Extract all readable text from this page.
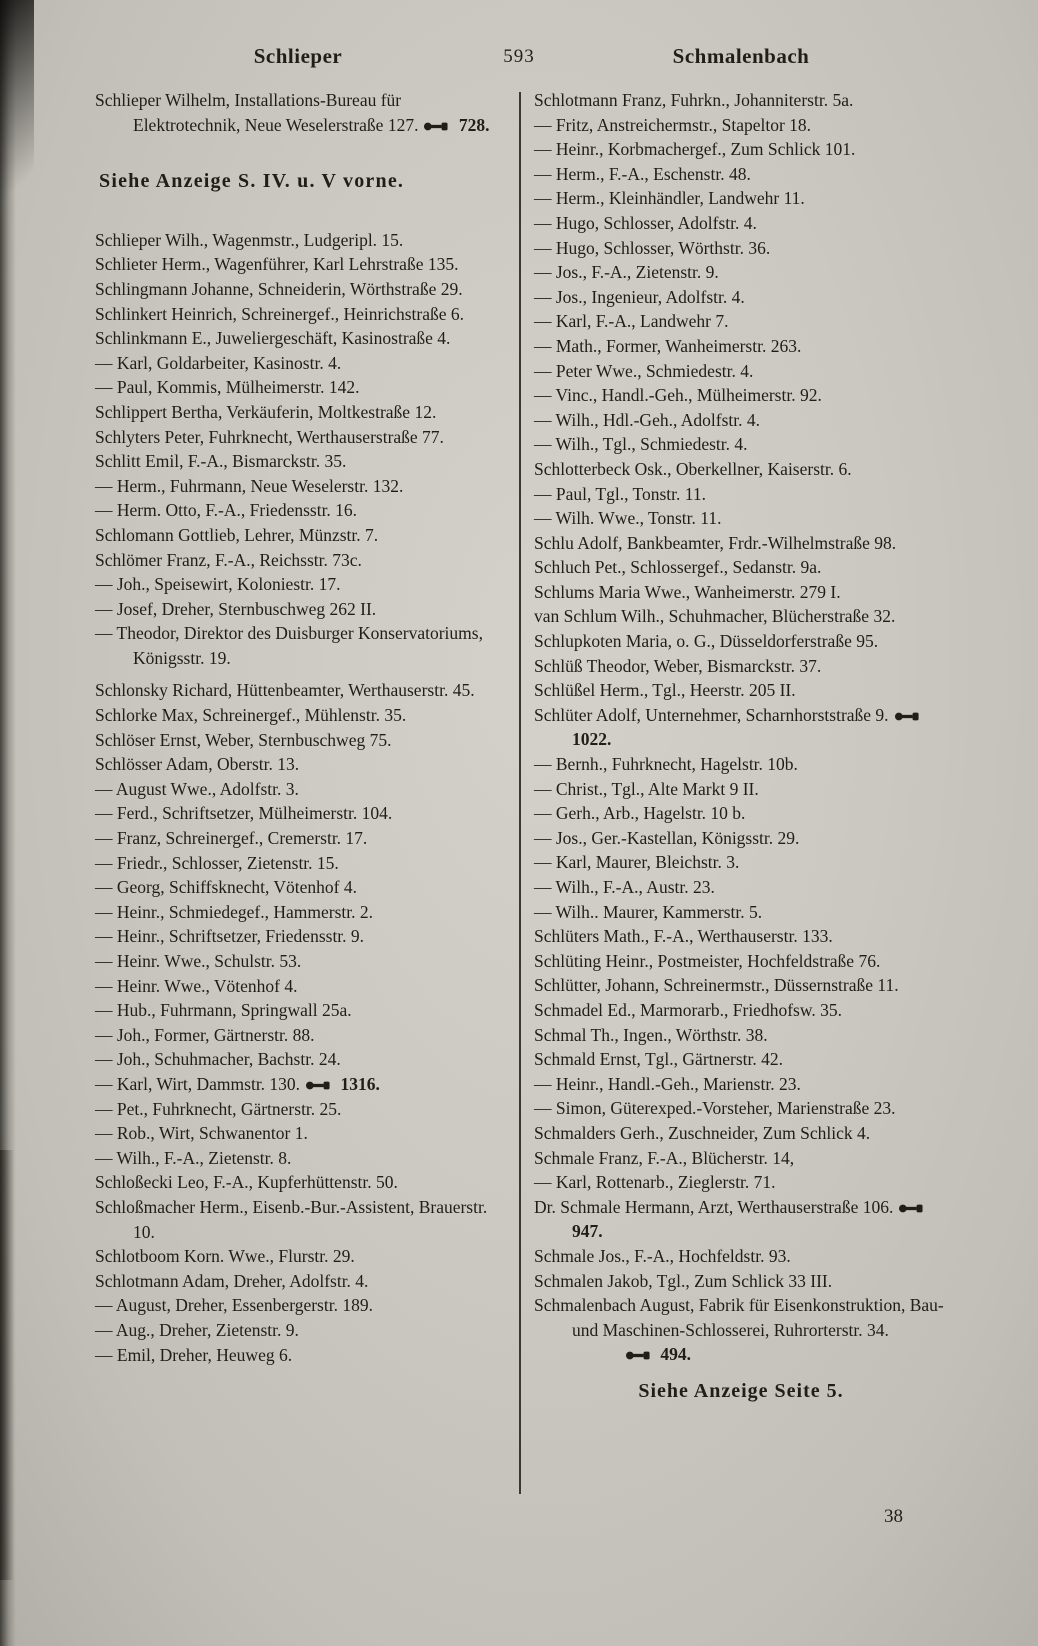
Schlieper	593	Schmalenbach
Schlieper Wilhelm, Installations-Bureau für Elektrotechnik, Neue Weselerstraße 127. 728.
Siehe Anzeige S. IV. u. V vorne.
Schlieper Wilh., Wagenmstr., Ludgeripl. 15.
Schlieter Herm., Wagenführer, Karl Lehrstraße 135.
Schlingmann Johanne, Schneiderin, Wörthstraße 29.
Schlinkert Heinrich, Schreinergef., Heinrichstraße 6.
Schlinkmann E., Juweliergeschäft, Kasinostraße 4.
— Karl, Goldarbeiter, Kasinostr. 4.
— Paul, Kommis, Mülheimerstr. 142.
Schlippert Bertha, Verkäuferin, Moltkestraße 12.
Schlyters Peter, Fuhrknecht, Werthauserstraße 77.
Schlitt Emil, F.-A., Bismarckstr. 35.
— Herm., Fuhrmann, Neue Weselerstr. 132.
— Herm. Otto, F.-A., Friedensstr. 16.
Schlomann Gottlieb, Lehrer, Münzstr. 7.
Schlömer Franz, F.-A., Reichsstr. 73c.
— Joh., Speisewirt, Koloniestr. 17.
— Josef, Dreher, Sternbuschweg 262 II.
— Theodor, Direktor des Duisburger Konservatoriums, Königsstr. 19.
Schlonsky Richard, Hüttenbeamter, Werthauserstr. 45.
Schlorke Max, Schreinergef., Mühlenstr. 35.
Schlöser Ernst, Weber, Sternbuschweg 75.
Schlösser Adam, Oberstr. 13.
— August Wwe., Adolfstr. 3.
— Ferd., Schriftsetzer, Mülheimerstr. 104.
— Franz, Schreinergef., Cremerstr. 17.
— Friedr., Schlosser, Zietenstr. 15.
— Georg, Schiffsknecht, Vötenhof 4.
— Heinr., Schmiedegef., Hammerstr. 2.
— Heinr., Schriftsetzer, Friedensstr. 9.
— Heinr. Wwe., Schulstr. 53.
— Heinr. Wwe., Vötenhof 4.
— Hub., Fuhrmann, Springwall 25a.
— Joh., Former, Gärtnerstr. 88.
— Joh., Schuhmacher, Bachstr. 24.
— Karl, Wirt, Dammstr. 130. 1316.
— Pet., Fuhrknecht, Gärtnerstr. 25.
— Rob., Wirt, Schwanentor 1.
— Wilh., F.-A., Zietenstr. 8.
Schloßecki Leo, F.-A., Kupferhüttenstr. 50.
Schloßmacher Herm., Eisenb.-Bur.-Assistent, Brauerstr. 10.
Schlotboom Korn. Wwe., Flurstr. 29.
Schlotmann Adam, Dreher, Adolfstr. 4.
— August, Dreher, Essenbergerstr. 189.
— Aug., Dreher, Zietenstr. 9.
— Emil, Dreher, Heuweg 6.
Schlotmann Franz, Fuhrkn., Johanniterstr. 5a.
— Fritz, Anstreichermstr., Stapeltor 18.
— Heinr., Korbmachergef., Zum Schlick 101.
— Herm., F.-A., Eschenstr. 48.
— Herm., Kleinhändler, Landwehr 11.
— Hugo, Schlosser, Adolfstr. 4.
— Hugo, Schlosser, Wörthstr. 36.
— Jos., F.-A., Zietenstr. 9.
— Jos., Ingenieur, Adolfstr. 4.
— Karl, F.-A., Landwehr 7.
— Math., Former, Wanheimerstr. 263.
— Peter Wwe., Schmiedestr. 4.
— Vinc., Handl.-Geh., Mülheimerstr. 92.
— Wilh., Hdl.-Geh., Adolfstr. 4.
— Wilh., Tgl., Schmiedestr. 4.
Schlotterbeck Osk., Oberkellner, Kaiserstr. 6.
— Paul, Tgl., Tonstr. 11.
— Wilh. Wwe., Tonstr. 11.
Schlu Adolf, Bankbeamter, Frdr.-Wilhelmstraße 98.
Schluch Pet., Schlossergef., Sedanstr. 9a.
Schlums Maria Wwe., Wanheimerstr. 279 I.
van Schlum Wilh., Schuhmacher, Blücherstraße 32.
Schlupkoten Maria, o. G., Düsseldorferstraße 95.
Schlüß Theodor, Weber, Bismarckstr. 37.
Schlüßel Herm., Tgl., Heerstr. 205 II.
Schlüter Adolf, Unternehmer, Scharnhorststraße 9. 1022.
— Bernh., Fuhrknecht, Hagelstr. 10b.
— Christ., Tgl., Alte Markt 9 II.
— Gerh., Arb., Hagelstr. 10 b.
— Jos., Ger.-Kastellan, Königsstr. 29.
— Karl, Maurer, Bleichstr. 3.
— Wilh., F.-A., Austr. 23.
— Wilh.. Maurer, Kammerstr. 5.
Schlüters Math., F.-A., Werthauserstr. 133.
Schlüting Heinr., Postmeister, Hochfeldstraße 76.
Schlütter, Johann, Schreinermstr., Düssernstraße 11.
Schmadel Ed., Marmorarb., Friedhofsw. 35.
Schmal Th., Ingen., Wörthstr. 38.
Schmald Ernst, Tgl., Gärtnerstr. 42.
— Heinr., Handl.-Geh., Marienstr. 23.
— Simon, Güterexped.-Vorsteher, Marienstraße 23.
Schmalders Gerh., Zuschneider, Zum Schlick 4.
Schmale Franz, F.-A., Blücherstr. 14,
— Karl, Rottenarb., Zieglerstr. 71.
Dr. Schmale Hermann, Arzt, Werthauserstraße 106. 947.
Schmale Jos., F.-A., Hochfeldstr. 93.
Schmalen Jakob, Tgl., Zum Schlick 33 III.
Schmalenbach August, Fabrik für Eisenkonstruktion, Bau- und Maschinen-Schlosserei, Ruhrorterstr. 34.
494.
Siehe Anzeige Seite 5.
38
